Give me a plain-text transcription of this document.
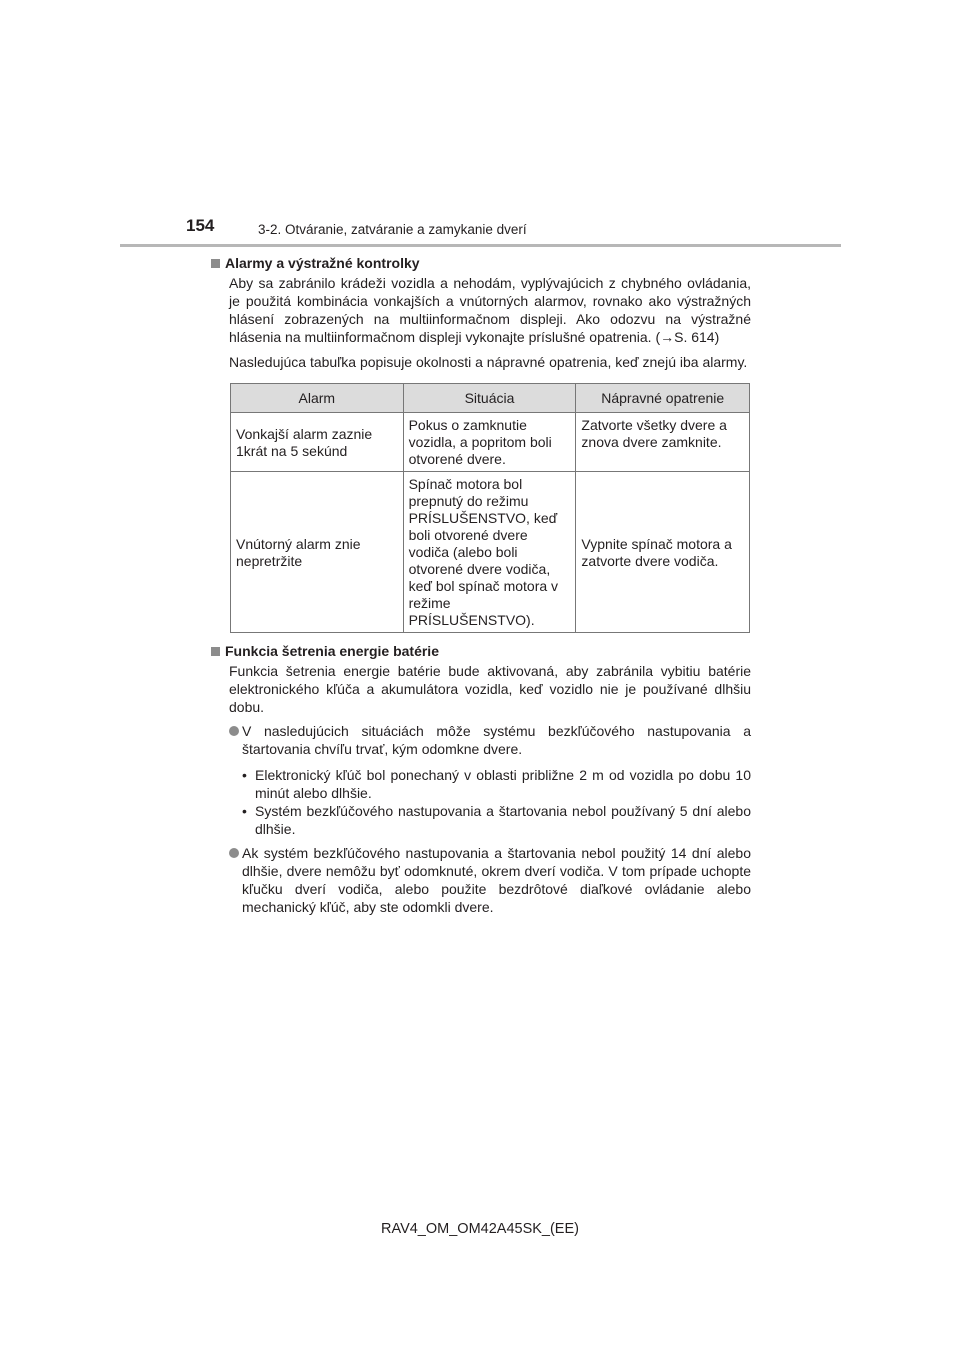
154	3-2. Otváranie, zatváranie a zamykanie dverí

Alarmy a výstražné kontrolky

Aby sa zabránilo krádeži vozidla a nehodám, vyplývajúcich z chybného ovládania, je použitá kombinácia vonkajších a vnútorných alarmov, rovnako ako výstražných hlásení zobrazených na multiinformačnom displeji. Ako odozvu na výstražné hlásenia na multiinformačnom displeji vykonajte príslušné opatrenia. (→S. 614)

Nasledujúca tabuľka popisuje okolnosti a nápravné opatrenia, keď znejú iba alarmy.

Alarm	Situácia	Nápravné opatrenie
Vonkajší alarm zaznie 1krát na 5 sekúnd	Pokus o zamknutie vozidla, a popritom boli otvorené dvere.	Zatvorte všetky dvere a znova dvere zamknite.
Vnútorný alarm znie nepretržite	Spínač motora bol prepnutý do režimu PRÍSLUŠENSTVO, keď boli otvorené dvere vodiča (alebo boli otvorené dvere vodiča, keď bol spínač motora v režime PRÍSLUŠENSTVO).	Vypnite spínač motora a zatvorte dvere vodiča.

Funkcia šetrenia energie batérie

Funkcia šetrenia energie batérie bude aktivovaná, aby zabránila vybitiu batérie elektronického kľúča a akumulátora vozidla, keď vozidlo nie je používané dlhšiu dobu.

V nasledujúcich situáciách môže systému bezkľúčového nastupovania a štartovania chvíľu trvať, kým odomkne dvere.
• Elektronický kľúč bol ponechaný v oblasti približne 2 m od vozidla po dobu 10 minút alebo dlhšie.
• Systém bezkľúčového nastupovania a štartovania nebol používaný 5 dní alebo dlhšie.
Ak systém bezkľúčového nastupovania a štartovania nebol použitý 14 dní alebo dlhšie, dvere nemôžu byť odomknuté, okrem dverí vodiča. V tom prípade uchopte kľučku dverí vodiča, alebo použite bezdrôtové diaľkové ovládanie alebo mechanický kľúč, aby ste odomkli dvere.
RAV4_OM_OM42A45SK_(EE)
